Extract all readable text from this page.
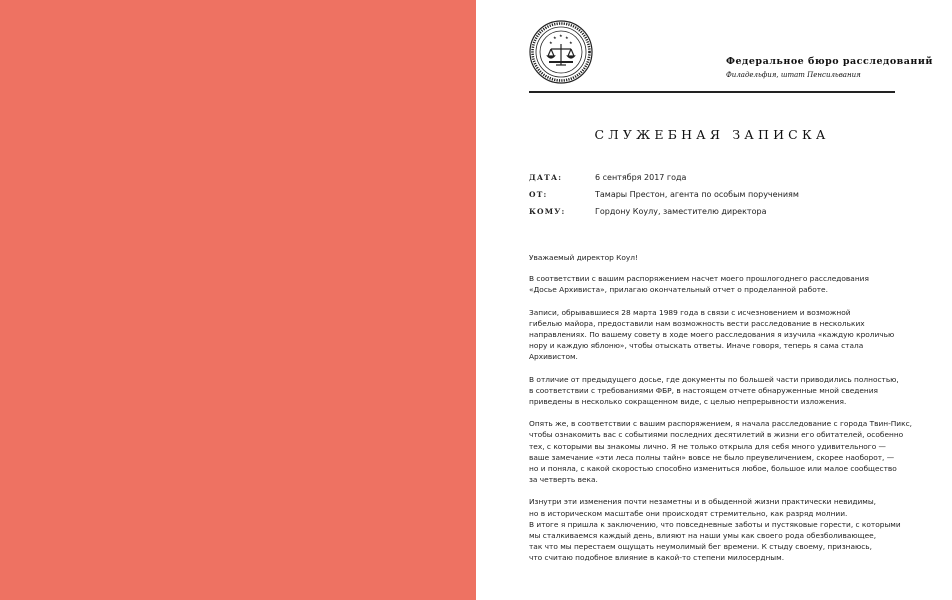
★ ★ ★
★	★
Федеральное бюро расследований
Филадельфия, штат Пенсильвания
СЛУЖЕБНАЯ ЗАПИСКА
ДАТА:	6 сентября 2017 года
ОТ:	Тамары Престон, агента по особым поручениям
КОМУ:	Гордону Коулу, заместителю директора

Уважаемый директор Коул!

В соответствии с вашим распоряжением насчет моего прошлогоднего расследования
«Досье Архивиста», прилагаю окончательный отчет о проделанной работе.

Записи, обрывавшиеся 28 марта 1989 года в связи с исчезновением и возможной
гибелью майора, предоставили нам возможность вести расследование в нескольких
направлениях. По вашему совету в ходе моего расследования я изучила «каждую кроличью
нору и каждую яблоню», чтобы отыскать ответы. Иначе говоря, теперь я сама стала
Архивистом.

В отличие от предыдущего досье, где документы по большей части приводились полностью,
в соответствии с требованиями ФБР, в настоящем отчете обнаруженные мной сведения
приведены в несколько сокращенном виде, с целью непрерывности изложения.

Опять же, в соответствии с вашим распоряжением, я начала расследование с города Твин-Пикс,
чтобы ознакомить вас с событиями последних десятилетий в жизни его обитателей, особенно
тех, с которыми вы знакомы лично. Я не только открыла для себя много удивительного —
ваше замечание «эти леса полны тайн» вовсе не было преувеличением, скорее наоборот, —
но и поняла, с какой скоростью способно измениться любое, большое или малое сообщество
за четверть века.

Изнутри эти изменения почти незаметны и в обыденной жизни практически невидимы,
но в историческом масштабе они происходят стремительно, как разряд молнии.
В итоге я пришла к заключению, что повседневные заботы и пустяковые горести, с которыми
мы сталкиваемся каждый день, влияют на наши умы как своего рода обезболивающее,
так что мы перестаем ощущать неумолимый бег времени. К стыду своему, признаюсь,
что считаю подобное влияние в какой-то степени милосердным.
